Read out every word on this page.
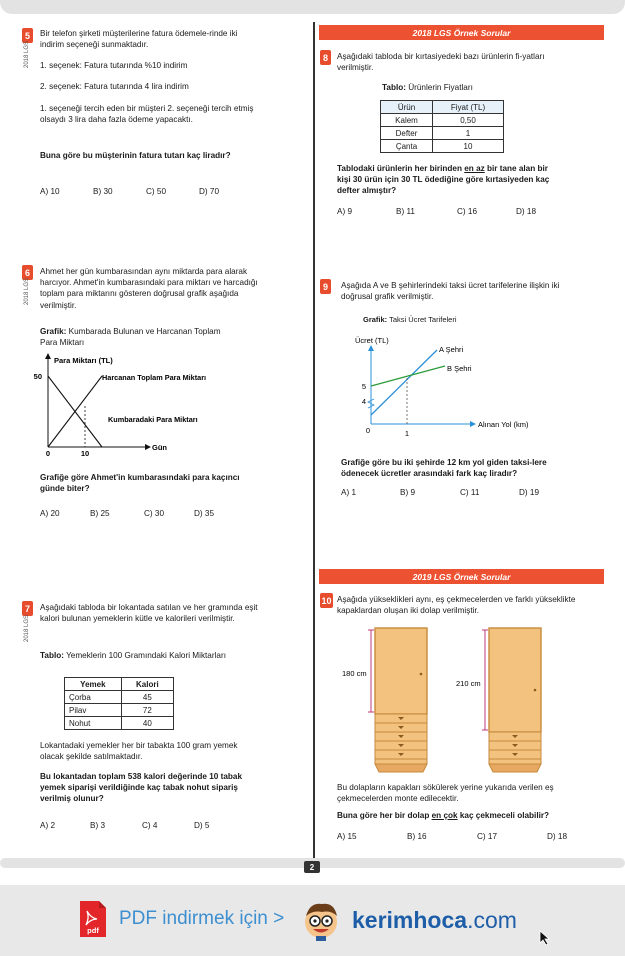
5
2018 LGS
Bir telefon şirketi müşterilerine fatura ödemele-rinde iki indirim seçeneği sunmaktadır.
1. seçenek: Fatura tutarında %10 indirim
2. seçenek: Fatura tutarında 4 lira indirim
1. seçeneği tercih eden bir müşteri 2. seçeneği tercih etmiş olsaydı 3 lira daha fazla ödeme yapacaktı.
Buna göre bu müşterinin fatura tutarı kaç liradır?
A) 10	B) 30	C) 50	D) 70
6
2018 LGS
Ahmet her gün kumbarasından aynı miktarda para alarak harcıyor. Ahmet'in kumbarasındaki para miktarı ve harcadığı toplam para miktarını gösteren doğrusal grafik aşağıda verilmiştir.
Grafik: Kumbarada Bulunan ve Harcanan Toplam Para Miktarı
Para Miktarı (TL)
50
0	10
Gün
Harcanan Toplam Para Miktarı
Kumbaradaki Para Miktarı
Grafiğe göre Ahmet'in kumbarasındaki para kaçıncı günde biter?
A) 20	B) 25	C) 30	D) 35
7
2018 LGS
Aşağıdaki tabloda bir lokantada satılan ve her gramında eşit kalori bulunan yemeklerin kütle ve kalorileri verilmiştir.
Tablo: Yemeklerin 100 Gramındaki Kalori Miktarları
Yemek	Kalori
Çorba	45
Pilav	72
Nohut	40
Lokantadaki yemekler her bir tabakta 100 gram yemek olacak şekilde satılmaktadır.
Bu lokantadan toplam 538 kalori değerinde 10 tabak yemek siparişi verildiğinde kaç tabak nohut sipariş verilmiş olunur?
A) 2	B) 3	C) 4	D) 5
2018 LGS Örnek Sorular
8	Aşağıdaki tabloda bir kırtasiyedeki bazı ürünlerin fi-yatları verilmiştir.
Tablo: Ürünlerin Fiyatları
Ürün	Fiyat (TL)
Kalem	0,50
Defter	1
Çanta	10
Tablodaki ürünlerin her birinden en az bir tane alan bir kişi 30 ürün için 30 TL ödediğine göre kırtasiyeden kaç defter almıştır?
A) 9	B) 11	C) 16	D) 18
9	Aşağıda A ve B şehirlerindeki taksi ücret tarifelerine ilişkin iki doğrusal grafik verilmiştir.
Grafik: Taksi Ücret Tarifeleri
Ücret (TL)
A Şehri
B Şehri
5
4
0	1
Alınan Yol (km)
Grafiğe göre bu iki şehirde 12 km yol giden taksi-lere ödenecek ücretler arasındaki fark kaç liradır?
A) 1	B) 9	C) 11	D) 19
2019 LGS Örnek Sorular
10 Aşağıda yükseklikleri aynı, eş çekmecelerden ve farklı yükseklikte kapaklardan oluşan iki dolap verilmiştir.
180 cm
210 cm
Bu dolapların kapakları sökülerek yerine yukarıda verilen eş çekmecelerden monte edilecektir.
Buna göre her bir dolap en çok kaç çekmeceli olabilir?
A) 15	B) 16	C) 17	D) 18
2
pdf
PDF indirmek için >	kerimhoca.com
